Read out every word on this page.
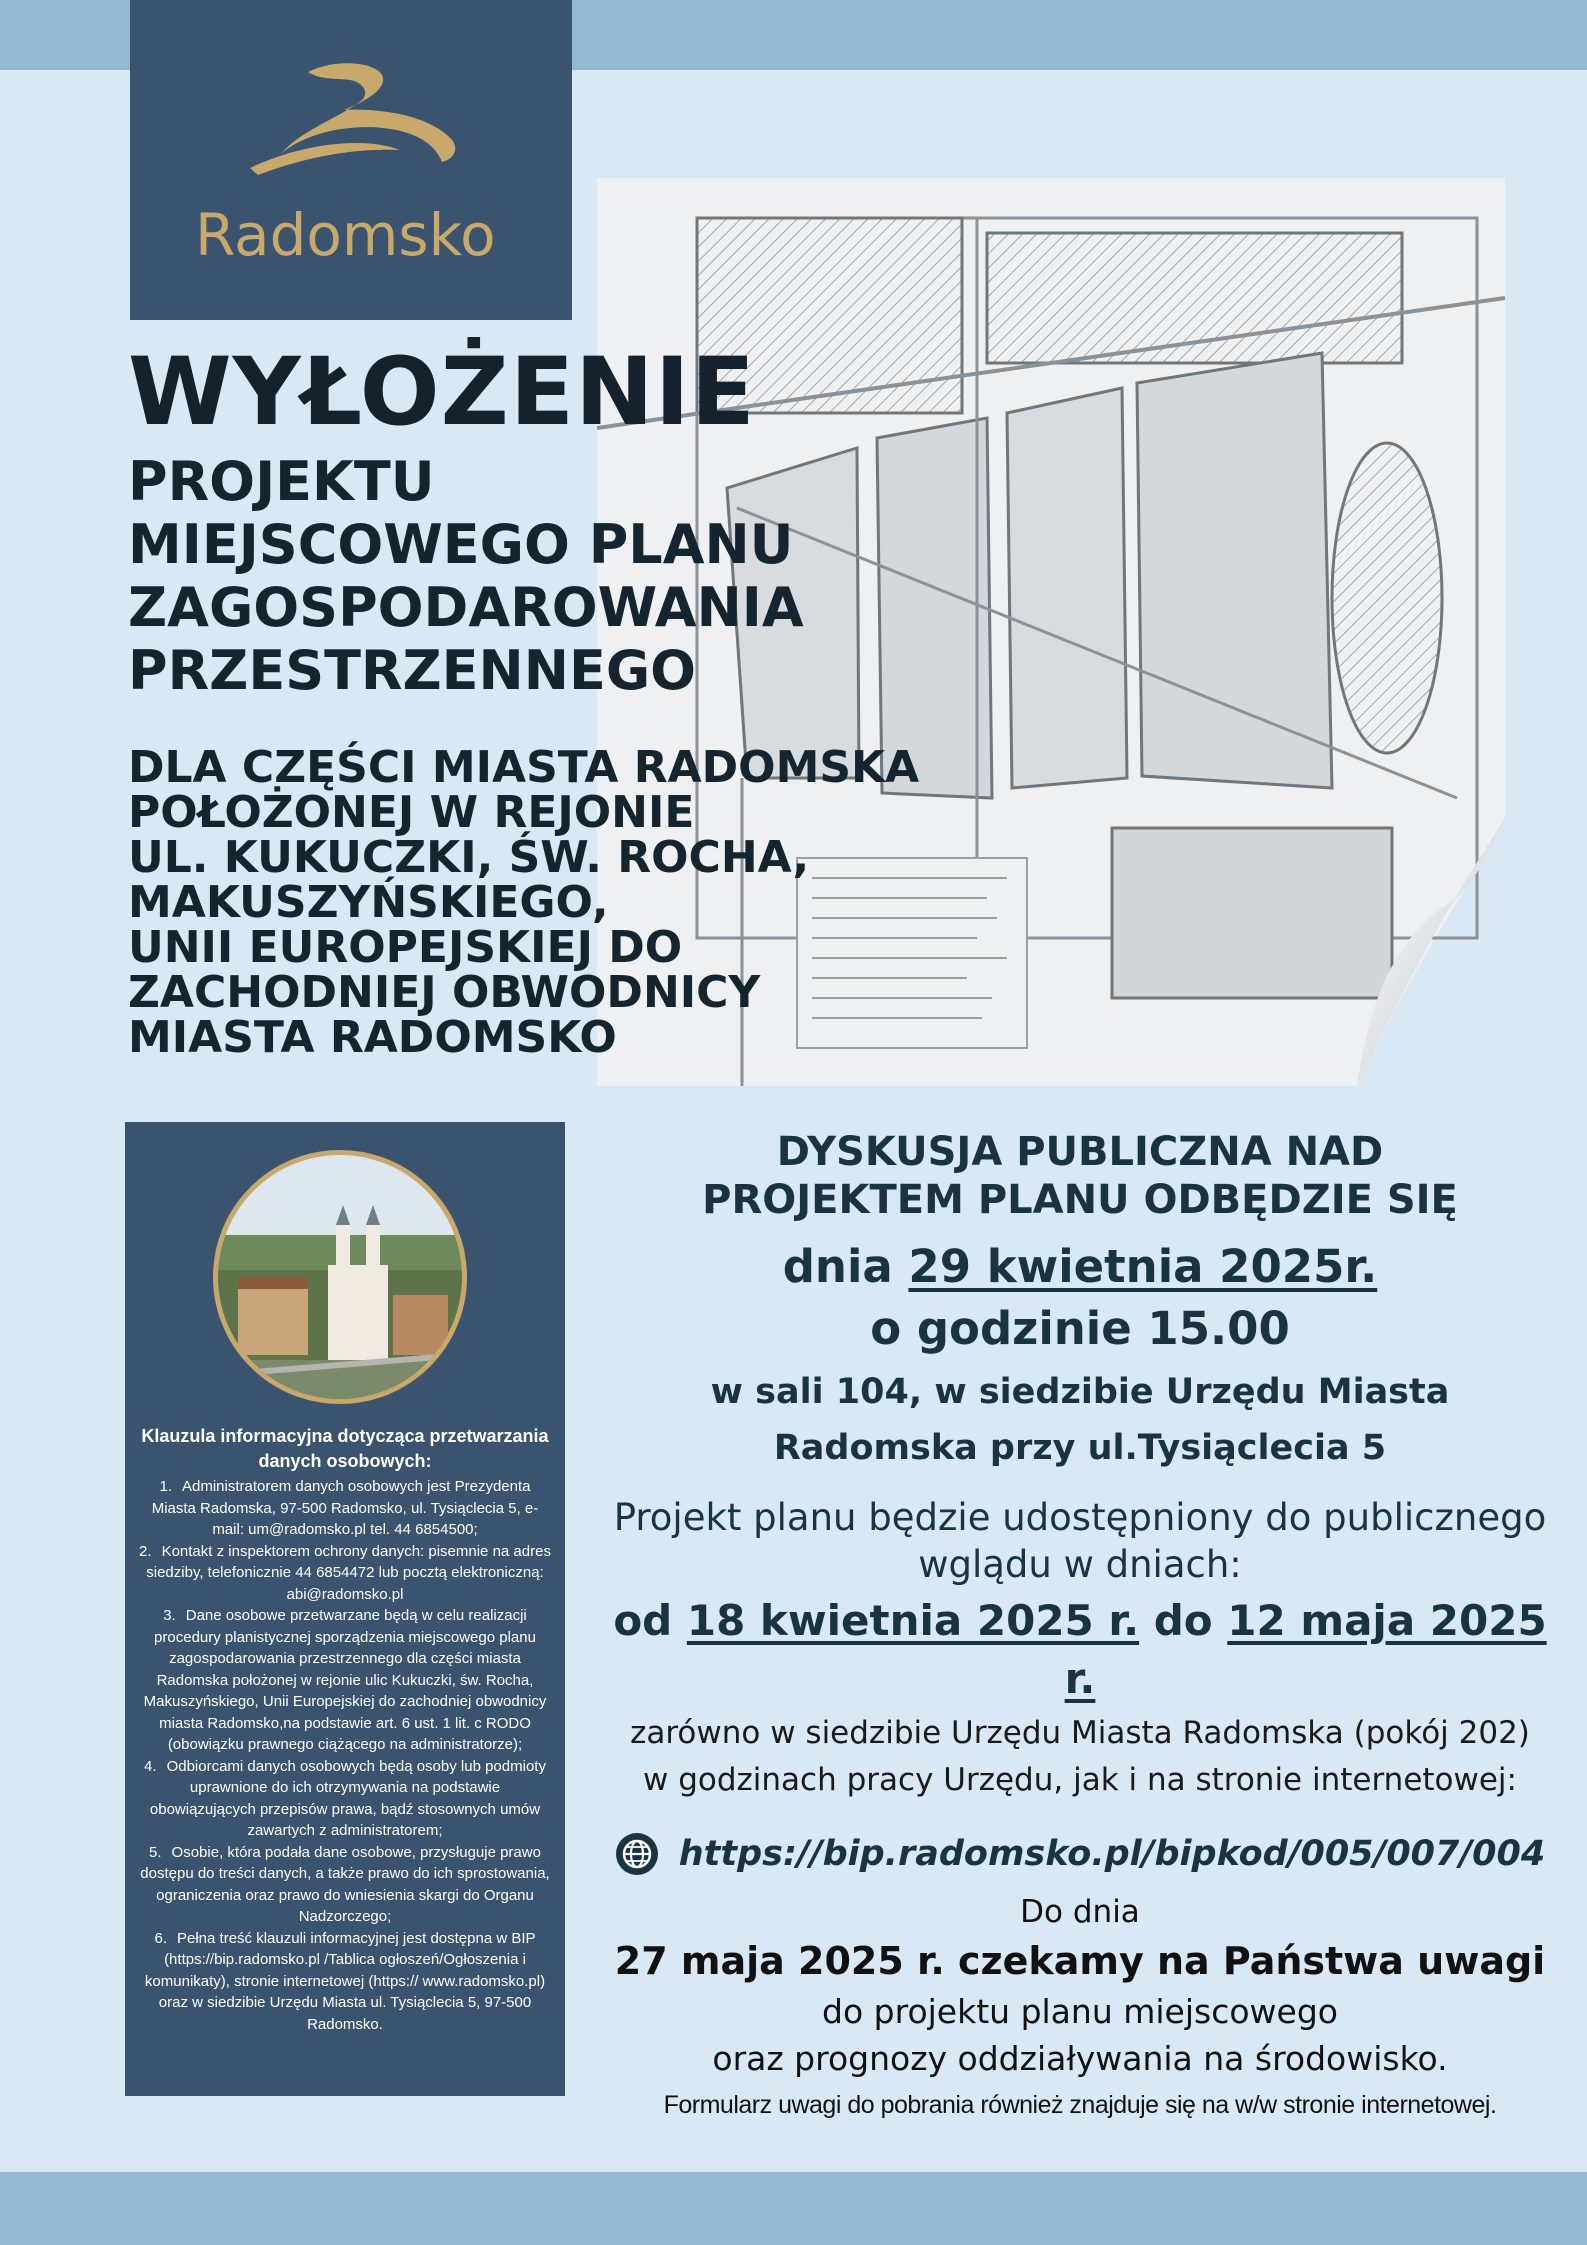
Radomsko
WYŁOŻENIE
PROJEKTU
MIEJSCOWEGO PLANU
ZAGOSPODAROWANIA
PRZESTRZENNEGO
DLA CZĘŚCI MIASTA RADOMSKA
POŁOŻONEJ W REJONIE
UL. KUKUCZKI, ŚW. ROCHA,
MAKUSZYŃSKIEGO,
UNII EUROPEJSKIEJ DO
ZACHODNIEJ OBWODNICY
MIASTA RADOMSKO
Klauzula informacyjna dotycząca przetwarzania danych osobowych:
1. Administratorem danych osobowych jest Prezydenta Miasta Radomska, 97-500 Radomsko, ul. Tysiąclecia 5, e-mail: um@radomsko.pl tel. 44 6854500;
2. Kontakt z inspektorem ochrony danych: pisemnie na adres siedziby, telefonicznie 44 6854472 lub pocztą elektroniczną: abi@radomsko.pl
3. Dane osobowe przetwarzane będą w celu realizacji procedury planistycznej sporządzenia miejscowego planu zagospodarowania przestrzennego dla części miasta Radomska położonej w rejonie ulic Kukuczki, św. Rocha, Makuszyńskiego, Unii Europejskiej do zachodniej obwodnicy miasta Radomsko,na podstawie art. 6 ust. 1 lit. c RODO (obowiązku prawnego ciążącego na administratorze);
4. Odbiorcami danych osobowych będą osoby lub podmioty uprawnione do ich otrzymywania na podstawie obowiązujących przepisów prawa, bądź stosownych umów zawartych z administratorem;
5. Osobie, która podała dane osobowe, przysługuje prawo dostępu do treści danych, a także prawo do ich sprostowania, ograniczenia oraz prawo do wniesienia skargi do Organu Nadzorczego;
6. Pełna treść klauzuli informacyjnej jest dostępna w BIP (https://bip.radomsko.pl /Tablica ogłoszeń/Ogłoszenia i komunikaty), stronie internetowej (https:// www.radomsko.pl) oraz w siedzibie Urzędu Miasta ul. Tysiąclecia 5, 97-500 Radomsko.

DYSKUSJA PUBLICZNA NAD

PROJEKTEM PLANU ODBĘDZIE SIĘ

dnia 29 kwietnia 2025r.

o godzinie 15.00

w sali 104, w siedzibie Urzędu Miasta

Radomska przy ul.Tysiąclecia 5

Projekt planu będzie udostępniony do publicznego

wglądu w dniach:

od 18 kwietnia 2025 r. do 12 maja 2025 r.

zarówno w siedzibie Urzędu Miasta Radomska (pokój 202)

w godzinach pracy Urzędu, jak i na stronie internetowej:

https://bip.radomsko.pl/bipkod/005/007/004

Do dnia

27 maja 2025 r. czekamy na Państwa uwagi

do projektu planu miejscowego

oraz prognozy oddziaływania na środowisko.

Formularz uwagi do pobrania również znajduje się na w/w stronie internetowej.
